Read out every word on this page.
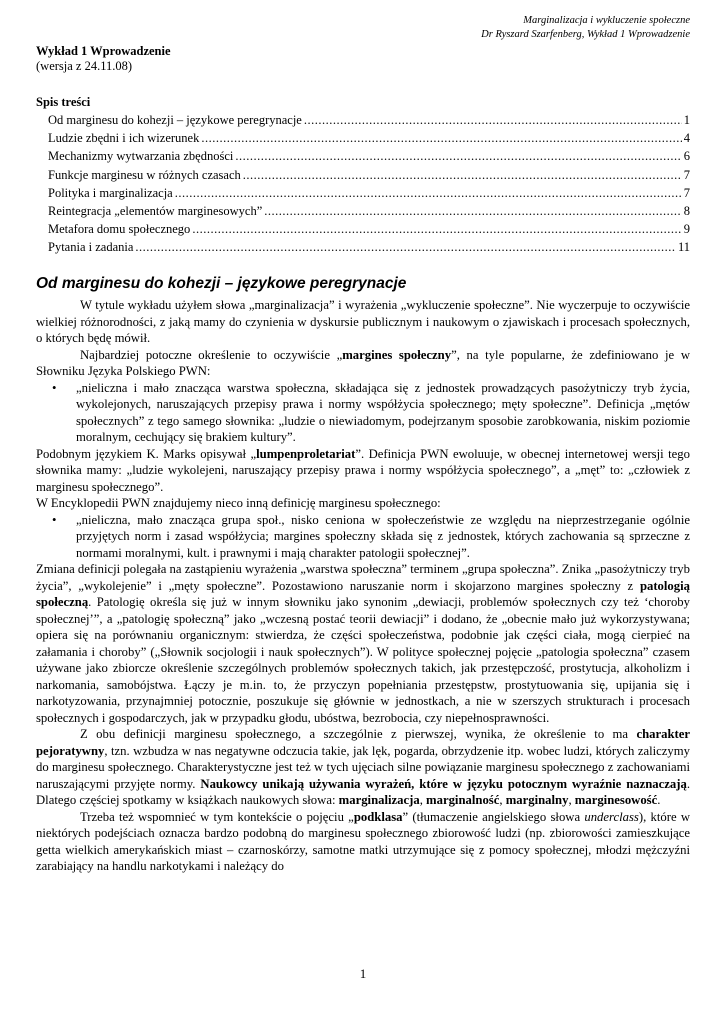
Marginalizacja i wykluczenie społeczne
Dr Ryszard Szarfenberg, Wykład 1 Wprowadzenie
Wykład 1 Wprowadzenie
(wersja z 24.11.08)
Spis treści
Od marginesu do kohezji – językowe peregrynacje .....	1
Ludzie zbędni i ich wizerunek .....	4
Mechanizmy wytwarzania zbędności .....	6
Funkcje marginesu w różnych czasach .....	7
Polityka i marginalizacja .....	7
Reintegracja „elementów marginesowych” .....	8
Metafora domu społecznego .....	9
Pytania i zadania .....	11
Od marginesu do kohezji – językowe peregrynacje

W tytule wykładu użyłem słowa „marginalizacja” i wyrażenia „wykluczenie społeczne”. Nie wyczerpuje to oczywiście wielkiej różnorodności, z jaką mamy do czynienia w dyskursie publicznym i naukowym o zjawiskach i procesach społecznych, o których będę mówił.

Najbardziej potoczne określenie to oczywiście „margines społeczny”, na tyle popularne, że zdefiniowano je w Słowniku Języka Polskiego PWN:

• „nieliczna i mało znacząca warstwa społeczna, składająca się z jednostek prowadzących pasożytniczy tryb życia, wykolejonych, naruszających przepisy prawa i normy współżycia społecznego; męty społeczne”. Definicja „mętów społecznych” z tego samego słownika: „ludzie o niewiadomym, podejrzanym sposobie zarobkowania, niskim poziomie moralnym, cechujący się brakiem kultury”.

Podobnym językiem K. Marks opisywał „lumpenproletariat”. Definicja PWN ewoluuje, w obecnej internetowej wersji tego słownika mamy: „ludzie wykolejeni, naruszający przepisy prawa i normy współżycia społecznego”, a „męt” to: „człowiek z marginesu społecznego”.

W Encyklopedii PWN znajdujemy nieco inną definicję marginesu społecznego:

• „nieliczna, mało znacząca grupa społ., nisko ceniona w społeczeństwie ze względu na nieprzestrzeganie ogólnie przyjętych norm i zasad współżycia; margines społeczny składa się z jednostek, których zachowania są sprzeczne z normami moralnymi, kult. i prawnymi i mają charakter patologii społecznej”.

Zmiana definicji polegała na zastąpieniu wyrażenia „warstwa społeczna” terminem „grupa społeczna”. Znika „pasożytniczy tryb życia”, „wykolejenie” i „męty społeczne”. Pozostawiono naruszanie norm i skojarzono margines społeczny z patologią społeczną. Patologię określa się już w innym słowniku jako synonim „dewiacji, problemów społecznych czy też ‘choroby społecznej’”, a „patologię społeczną” jako „wczesną postać teorii dewiacji” i dodano, że „obecnie mało już wykorzystywana; opiera się na porównaniu organicznym: stwierdza, że części społeczeństwa, podobnie jak części ciała, mogą cierpieć na załamania i choroby” („Słownik socjologii i nauk społecznych”). W polityce społecznej pojęcie „patologia społeczna” czasem używane jako zbiorcze określenie szczególnych problemów społecznych takich, jak przestępczość, prostytucja, alkoholizm i narkomania, samobójstwa. Łączy je m.in. to, że przyczyn popełniania przestępstw, prostytuowania się, upijania się i narkotyzowania, przynajmniej potocznie, poszukuje się głównie w jednostkach, a nie w szerszych strukturach i procesach społecznych i gospodarczych, jak w przypadku głodu, ubóstwa, bezrobocia, czy niepełnosprawności.

Z obu definicji marginesu społecznego, a szczególnie z pierwszej, wynika, że określenie to ma charakter pejoratywny, tzn. wzbudza w nas negatywne odczucia takie, jak lęk, pogarda, obrzydzenie itp. wobec ludzi, których zaliczymy do marginesu społecznego. Charakterystyczne jest też w tych ujęciach silne powiązanie marginesu społecznego z zachowaniami naruszającymi przyjęte normy. Naukowcy unikają używania wyrażeń, które w języku potocznym wyraźnie naznaczają. Dlatego częściej spotkamy w książkach naukowych słowa: marginalizacja, marginalność, marginalny, marginesowość.

Trzeba też wspomnieć w tym kontekście o pojęciu „podklasa” (tłumaczenie angielskiego słowa underclass), które w niektórych podejściach oznacza bardzo podobną do marginesu społecznego zbiorowość ludzi (np. zbiorowości zamieszkujące getta wielkich amerykańskich miast – czarnoskórzy, samotne matki utrzymujące się z pomocy społecznej, młodzi mężczyźni zarabiający na handlu narkotykami i należący do

1
